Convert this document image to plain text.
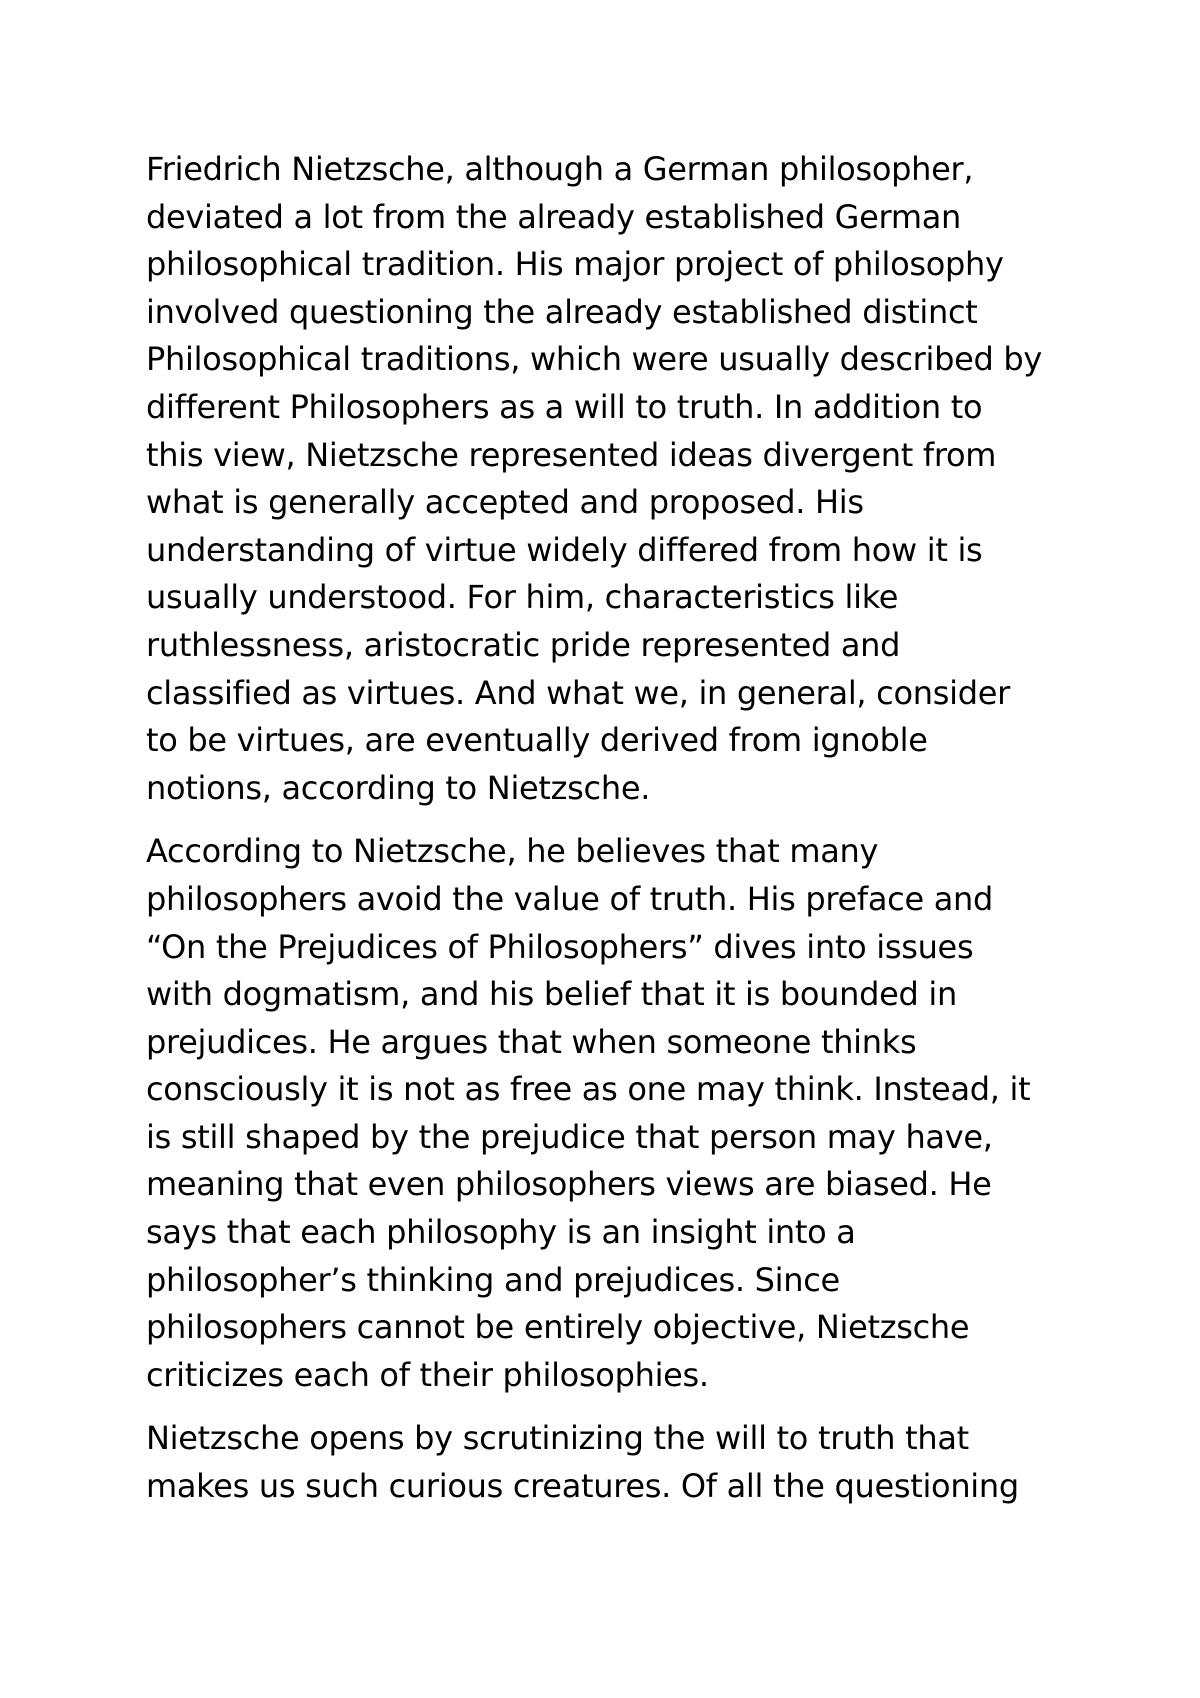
Friedrich Nietzsche, although a German philosopher,
deviated a lot from the already established German
philosophical tradition. His major project of philosophy
involved questioning the already established distinct
Philosophical traditions, which were usually described by
different Philosophers as a will to truth. In addition to
this view, Nietzsche represented ideas divergent from
what is generally accepted and proposed. His
understanding of virtue widely differed from how it is
usually understood. For him, characteristics like
ruthlessness, aristocratic pride represented and
classified as virtues. And what we, in general, consider
to be virtues, are eventually derived from ignoble
notions, according to Nietzsche.

According to Nietzsche, he believes that many
philosophers avoid the value of truth. His preface and
“On the Prejudices of Philosophers” dives into issues
with dogmatism, and his belief that it is bounded in
prejudices. He argues that when someone thinks
consciously it is not as free as one may think. Instead, it
is still shaped by the prejudice that person may have,
meaning that even philosophers views are biased. He
says that each philosophy is an insight into a
philosopher’s thinking and prejudices. Since
philosophers cannot be entirely objective, Nietzsche
criticizes each of their philosophies.

Nietzsche opens by scrutinizing the will to truth that
makes us such curious creatures. Of all the questioning
